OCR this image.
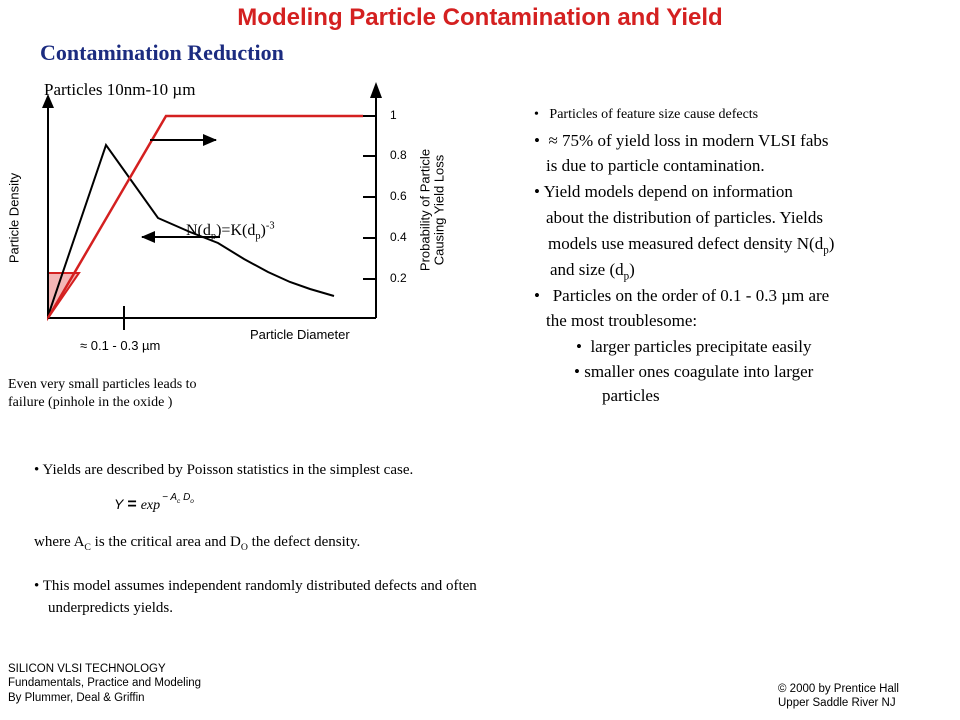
Modeling Particle Contamination and Yield
Contamination Reduction
Particles 10nm-10 µm
Particle Density	Probability of Particle
Causing Yield Loss
1
0.8
0.6
0.4
0.2
Particle Diameter
≈ 0.1 - 0.3 µm
$N(d_p)=K(d_p)^{-3}$
Even very small particles leads to
failure (pinhole in the oxide )
•   Particles of feature size cause defects
•  ≈ 75% of yield loss in modern VLSI fabs
is due to particle contamination.
• Yield models depend on information
about the distribution of particles. Yields
models use measured defect density $N(d_p)$
and size $(d_p)$
•   Particles on the order of 0.1 - 0.3 µm are
the most troublesome:
•  larger particles precipitate easily
• smaller ones coagulate into larger
particles
• Yields are described by Poisson statistics in the simplest case.
$Y = \exp^{- A_c D_o}$
where $A_C$ is the critical area and $D_O$ the defect density.
• This model assumes independent randomly distributed defects and often
underpredicts yields.
SILICON VLSI TECHNOLOGY
Fundamentals, Practice and Modeling
By Plummer, Deal & Griffin
© 2000 by Prentice Hall
Upper Saddle River NJ
